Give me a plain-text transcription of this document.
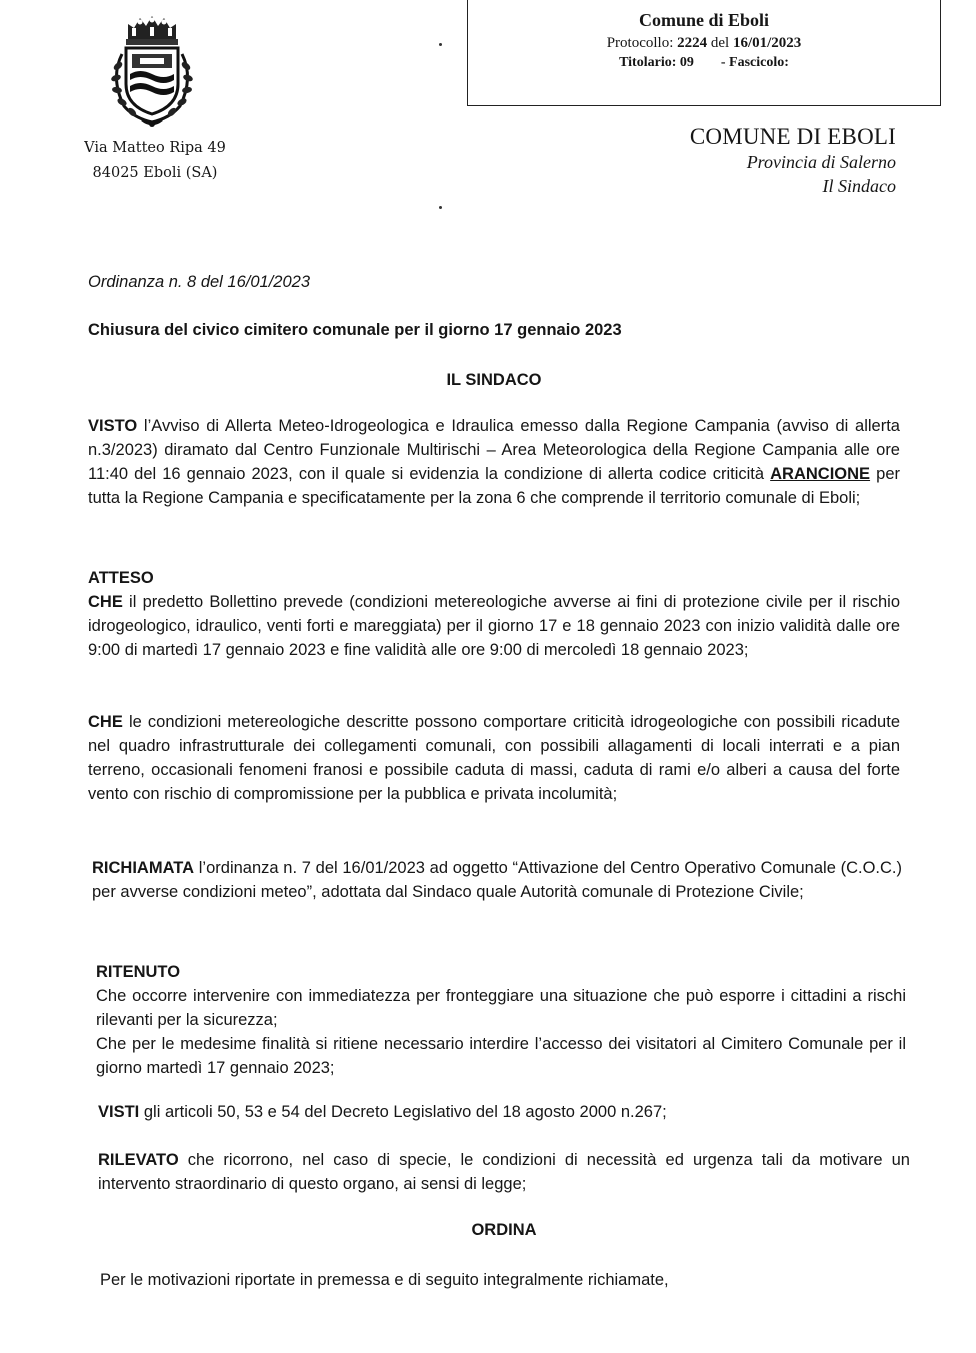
Via Matteo Ripa 49
84025 Eboli (SA)
Comune di Eboli
Protocollo: 2224 del 16/01/2023
Titolario: 09 - Fascicolo:
COMUNE DI EBOLI
Provincia di Salerno
Il Sindaco
Ordinanza n. 8 del 16/01/2023
Chiusura del civico cimitero comunale per il giorno 17 gennaio 2023
IL SINDACO
VISTO l’Avviso di Allerta Meteo-Idrogeologica e Idraulica emesso dalla Regione Campania (avviso di allerta n.3/2023) diramato dal Centro Funzionale Multirischi – Area Meteorologica della Regione Campania alle ore 11:40 del 16 gennaio 2023, con il quale si evidenzia la condizione di allerta codice criticità ARANCIONE per tutta la Regione Campania e specificatamente per la zona 6 che comprende il territorio comunale di Eboli;
ATTESO
CHE il predetto Bollettino prevede (condizioni metereologiche avverse ai fini di protezione civile per il rischio idrogeologico, idraulico, venti forti e mareggiata) per il giorno 17 e 18 gennaio 2023 con inizio validità dalle ore 9:00 di martedì 17 gennaio 2023 e fine validità alle ore 9:00 di mercoledì 18 gennaio 2023;
CHE le condizioni metereologiche descritte possono comportare criticità idrogeologiche con possibili ricadute nel quadro infrastrutturale dei collegamenti comunali, con possibili allagamenti di locali interrati e a pian terreno, occasionali fenomeni franosi e possibile caduta di massi, caduta di rami e/o alberi a causa del forte vento con rischio di compromissione per la pubblica e privata incolumità;
RICHIAMATA l’ordinanza n. 7 del 16/01/2023 ad oggetto “Attivazione del Centro Operativo Comunale (C.O.C.) per avverse condizioni meteo”, adottata dal Sindaco quale Autorità comunale di Protezione Civile;
RITENUTO
Che occorre intervenire con immediatezza per fronteggiare una situazione che può esporre i cittadini a rischi rilevanti per la sicurezza;
Che per le medesime finalità si ritiene necessario interdire l’accesso dei visitatori al Cimitero Comunale per il giorno martedì 17 gennaio 2023;
VISTI gli articoli 50, 53 e 54 del Decreto Legislativo del 18 agosto 2000 n.267;
RILEVATO che ricorrono, nel caso di specie, le condizioni di necessità ed urgenza tali da motivare un intervento straordinario di questo organo, ai sensi di legge;
ORDINA
Per le motivazioni riportate in premessa e di seguito integralmente richiamate,
